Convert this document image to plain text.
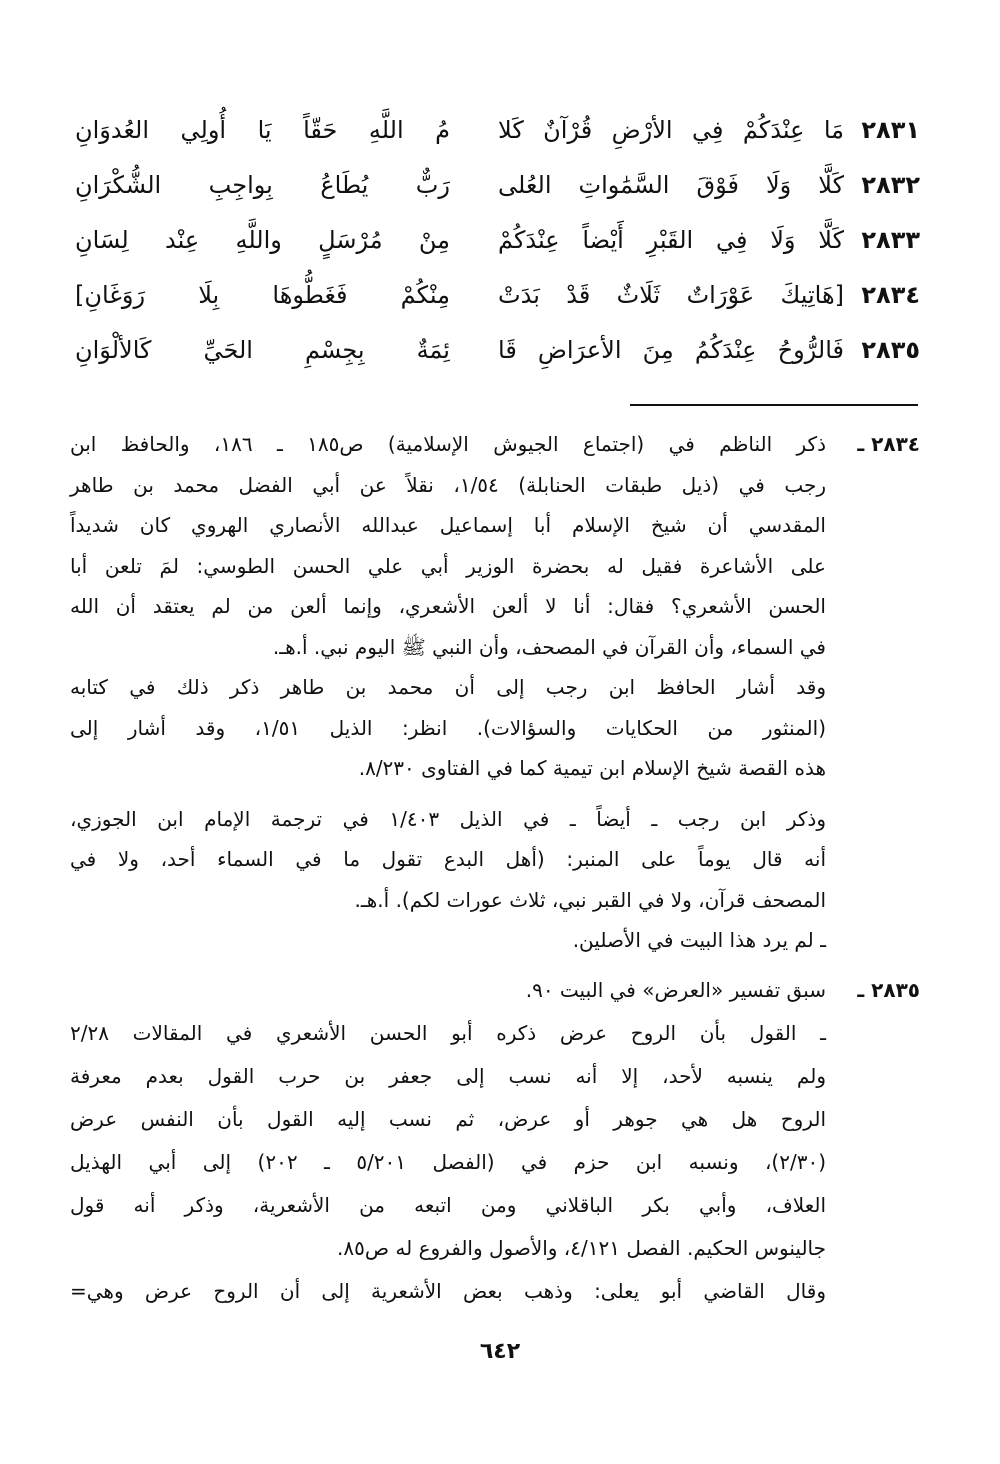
٢٨٣١
مَا عِنْدَكُمْ فِي الأرْضِ قُرْآنٌ كَلا
مُ اللَّهِ حَقّاً يَا أُولِي العُدوَانِ
٢٨٣٢
كَلَّا وَلَا فَوْقَ السَّمَٰواتِ العُلى
رَبٌّ يُطَاعُ بِواجِبِ الشُّكْرَانِ
٢٨٣٣
كَلَّا وَلَا فِي القَبْرِ أَيْضاً عِنْدَكُمْ
مِنْ مُرْسَلٍ واللَّهِ عِنْد لِسَانِ
٢٨٣٤
[هَاتِيكَ عَوْرَاتٌ ثَلَاثٌ قَدْ بَدَتْ
مِنْكُمْ فَغَطُّوهَا بِلَا رَوَغَانِ]
٢٨٣٥
فَالرُّوحُ عِنْدَكُمُ مِنَ الأعرَاضِ قَا
ئِمَةٌ بِجِسْمِ الحَيِّ كَالألْوَانِ
٢٨٣٤ ـ
ذكر الناظم في (اجتماع الجيوش الإسلامية) ص١٨٥ ـ ١٨٦، والحافظ ابن
رجب في (ذيل طبقات الحنابلة) ١/٥٤، نقلاً عن أبي الفضل محمد بن طاهر
المقدسي أن شيخ الإسلام أبا إسماعيل عبدالله الأنصاري الهروي كان شديداً
على الأشاعرة فقيل له بحضرة الوزير أبي علي الحسن الطوسي: لمَ تلعن أبا
الحسن الأشعري؟ فقال: أنا لا ألعن الأشعري، وإنما ألعن من لم يعتقد أن الله
في السماء، وأن القرآن في المصحف، وأن النبي ﷺ اليوم نبي. أ.هـ.
وقد أشار الحافظ ابن رجب إلى أن محمد بن طاهر ذكر ذلك في كتابه
(المنثور من الحكايات والسؤالات). انظر: الذيل ١/٥١، وقد أشار إلى
هذه القصة شيخ الإسلام ابن تيمية كما في الفتاوى ٨/٢٣٠.
وذكر ابن رجب ـ أيضاً ـ في الذيل ١/٤٠٣ في ترجمة الإمام ابن الجوزي،
أنه قال يوماً على المنبر: (أهل البدع تقول ما في السماء أحد، ولا في
المصحف قرآن، ولا في القبر نبي، ثلاث عورات لكم). أ.هـ.
ـ لم يرد هذا البيت في الأصلين.
٢٨٣٥ ـ
سبق تفسير «العرض» في البيت ٩٠.
ـ القول بأن الروح عرض ذكره أبو الحسن الأشعري في المقالات ٢/٢٨
ولم ينسبه لأحد، إلا أنه نسب إلى جعفر بن حرب القول بعدم معرفة
الروح هل هي جوهر أو عرض، ثم نسب إليه القول بأن النفس عرض
(٢/٣٠)، ونسبه ابن حزم في (الفصل ٥/٢٠١ ـ ٢٠٢) إلى أبي الهذيل
العلاف، وأبي بكر الباقلاني ومن اتبعه من الأشعرية، وذكر أنه قول
جالينوس الحكيم. الفصل ٤/١٢١، والأصول والفروع له ص٨٥.
وقال القاضي أبو يعلى: وذهب بعض الأشعرية إلى أن الروح عرض وهي=
٦٤٢
